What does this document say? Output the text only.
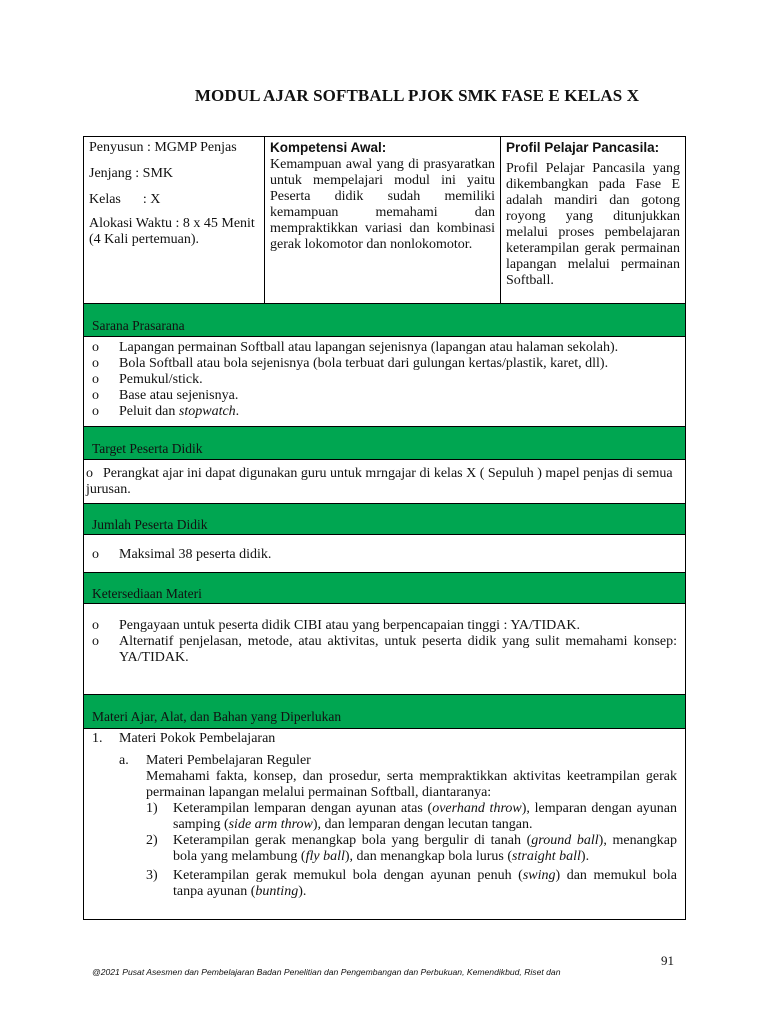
MODUL AJAR SOFTBALL PJOK SMK FASE E KELAS X

Penyusun : MGMP Penjas

Jenjang : SMK

Kelas : X

Alokasi Waktu : 8 x 45 Menit (4 Kali pertemuan).

Kompetensi Awal:
Kemampuan awal yang di prasyaratkan untuk mempelajari modul ini yaitu Peserta didik sudah memiliki kemampuan memahami dan mempraktikkan variasi dan kombinasi gerak lokomotor dan nonlokomotor.
Profil Pelajar Pancasila:
Profil Pelajar Pancasila yang dikembangkan pada Fase E adalah mandiri dan gotong royong yang ditunjukkan melalui proses pembelajaran keterampilan gerak permainan lapangan melalui permainan Softball.
Sarana Prasarana
o Lapangan permainan Softball atau lapangan sejenisnya (lapangan atau halaman sekolah).
o Bola Softball atau bola sejenisnya (bola terbuat dari gulungan kertas/plastik, karet, dll).
o Pemukul/stick.
o Base atau sejenisnya.
o Peluit dan stopwatch.
Target Peserta Didik
o Perangkat ajar ini dapat digunakan guru untuk mrngajar di kelas X ( Sepuluh ) mapel penjas di semua jurusan.
Jumlah Peserta Didik
o Maksimal 38 peserta didik.
Ketersediaan Materi
o Pengayaan untuk peserta didik CIBI atau yang berpencapaian tinggi : YA/TIDAK.
o Alternatif penjelasan, metode, atau aktivitas, untuk peserta didik yang sulit memahami konsep: YA/TIDAK.
Materi Ajar, Alat, dan Bahan yang Diperlukan
1.	Materi Pokok Pembelajaran
a.	Materi Pembelajaran Reguler
Memahami fakta, konsep, dan prosedur, serta mempraktikkan aktivitas keetrampilan gerak permainan lapangan melalui permainan Softball, diantaranya:
1)	Keterampilan lemparan dengan ayunan atas (overhand throw), lemparan dengan ayunan samping (side arm throw), dan lemparan dengan lecutan tangan.
2)	Keterampilan gerak menangkap bola yang bergulir di tanah (ground ball), menangkap bola yang melambung (fly ball), dan menangkap bola lurus (straight ball).
3)	Keterampilan gerak memukul bola dengan ayunan penuh (swing) dan memukul bola tanpa ayunan (bunting).
91
@2021 Pusat Asesmen dan Pembelajaran Badan Penelitian dan Pengembangan dan Perbukuan, Kemendikbud, Riset dan
